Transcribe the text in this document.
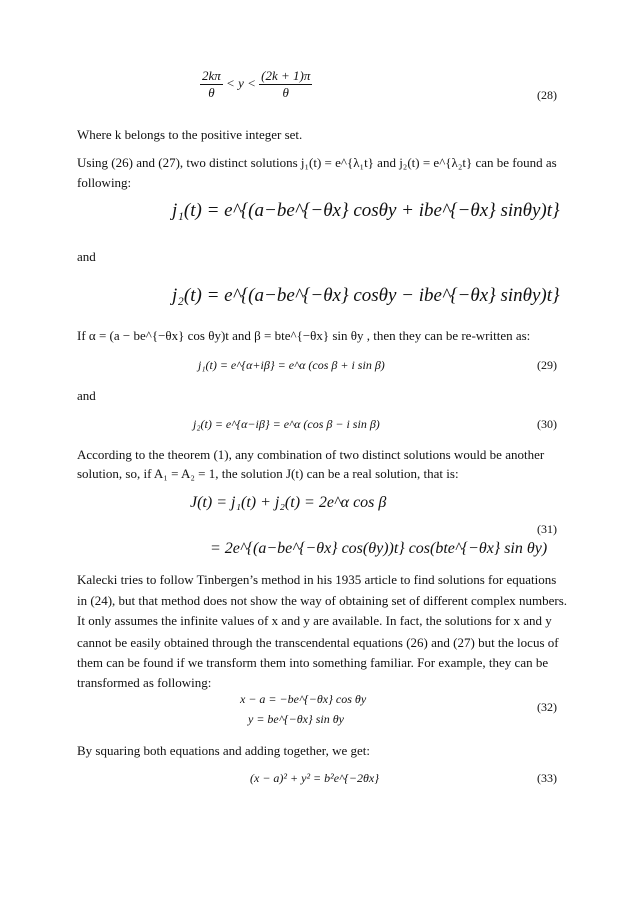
$\frac{2k\pi}{\theta} < y < \frac{(2k + 1)\pi}{\theta}$	(28)
Where k belongs to the positive integer set.
Using (26) and (27), two distinct solutions j₁(t) = e^{λ₁t} and j₂(t) = e^{λ₂t} can be found as
following:
j₁(t) = e^{(a−be^{−θx} cosθy + ibe^{−θx} sinθy)t}
and
j₂(t) = e^{(a−be^{−θx} cosθy − ibe^{−θx} sinθy)t}
If α = (a − be^{−θx} cos θy)t and β = bte^{−θx} sin θy , then they can be re-written as:
j₁(t) = e^{α+iβ} = e^α (cos β + i sin β)	(29)
and
j₂(t) = e^{α−iβ} = e^α (cos β − i sin β)	(30)
According to the theorem (1), any combination of two distinct solutions would be another
solution, so, if A₁ = A₂ = 1, the solution J(t) can be a real solution, that is:
J(t) = j₁(t) + j₂(t) = 2e^α cos β
(31)
= 2e^{(a−be^{−θx} cos(θy))t} cos(bte^{−θx} sin θy)
Kalecki tries to follow Tinbergen’s method in his 1935 article to find solutions for equations
in (24), but that method does not show the way of obtaining set of different complex numbers.
It only assumes the infinite values of x and y are available. In fact, the solutions for x and y
cannot be easily obtained through the transcendental equations (26) and (27) but the locus of
them can be found if we transform them into something familiar. For example, they can be
transformed as following:
x − a = −be^{−θx} cos θy
(32)
y = be^{−θx} sin θy
By squaring both equations and adding together, we get:
(x − a)² + y² = b²e^{−2θx}	(33)
